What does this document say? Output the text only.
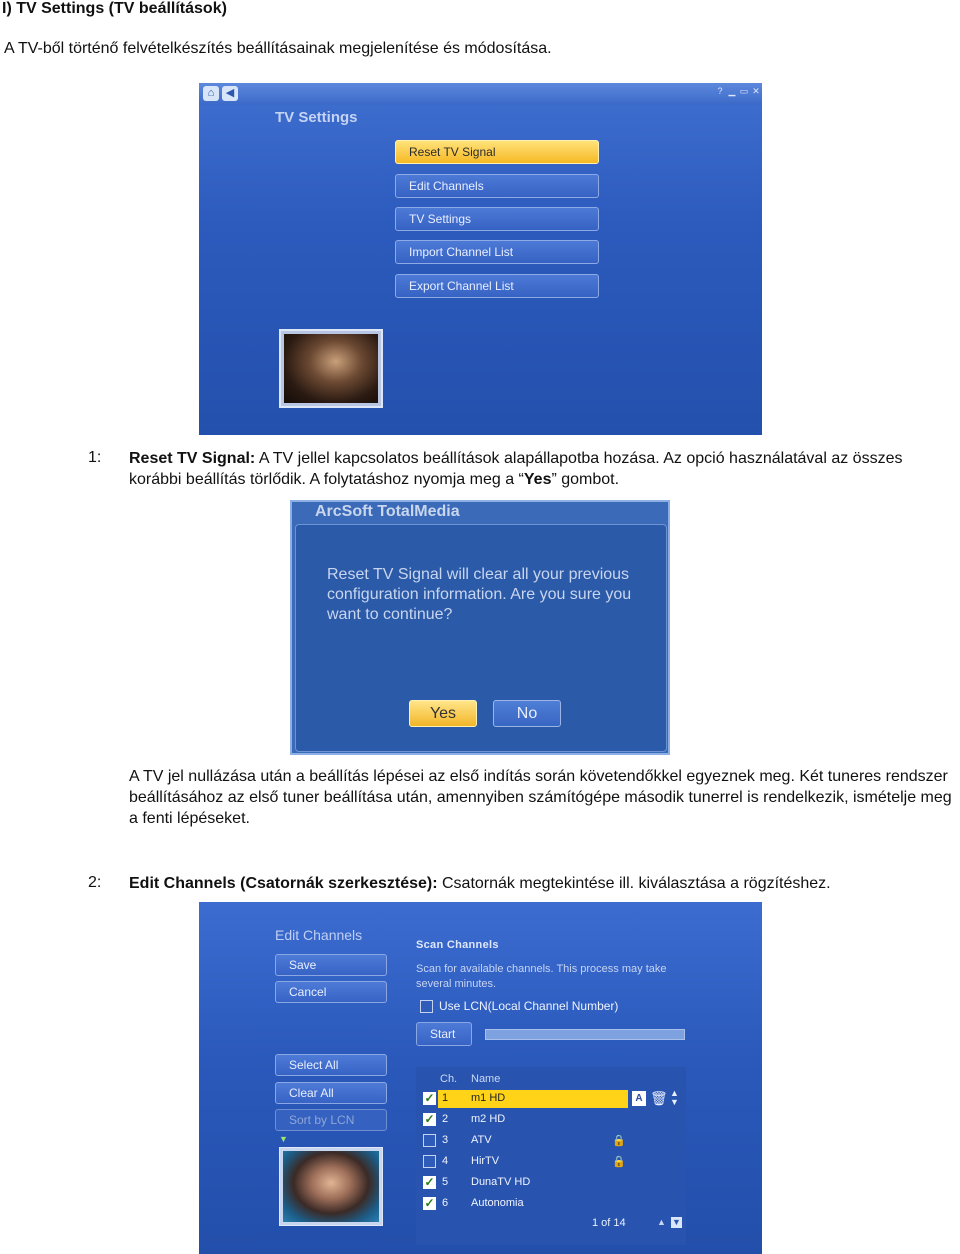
I) TV Settings (TV beállítások)
A TV-ből történő felvételkészítés beállításainak megjelenítése és módosítása.
⌂	◀	? ▁ ▭ ✕
TV Settings
Reset TV Signal
Edit Channels
TV Settings
Import Channel List
Export Channel List
1: Reset TV Signal: A TV jellel kapcsolatos beállítások alapállapotba hozása. Az opció használatával az összes korábbi beállítás törlődik. A folytatáshoz nyomja meg a “Yes” gombot.
ArcSoft TotalMedia
Reset TV Signal will clear all your previous configuration information. Are you sure you want to continue?
Yes	No
A TV jel nullázása után a beállítás lépései az első indítás során követendőkkel egyeznek meg. Két tuneres rendszer beállításához az első tuner beállítása után, amennyiben számítógépe második tunerrel is rendelkezik, ismételje meg a fenti lépéseket.
2: Edit Channels (Csatornák szerkesztése): Csatornák megtekintése ill. kiválasztása a rögzítéshez.
Edit Channels
Save
Cancel
Select All
Clear All
Sort by LCN
▼
Scan Channels
Scan for available channels. This process may take several minutes.
Use LCN(Local Channel Number)
Start
Ch. Name
✓ 1 m1 HD	A 🗑 ▲
▼
✓ 2 m2 HD
3 ATV	🔒
4 HirTV	🔒
✓ 5 DunaTV HD
✓ 6 Autonomia
1 of 14	▲ ▼
